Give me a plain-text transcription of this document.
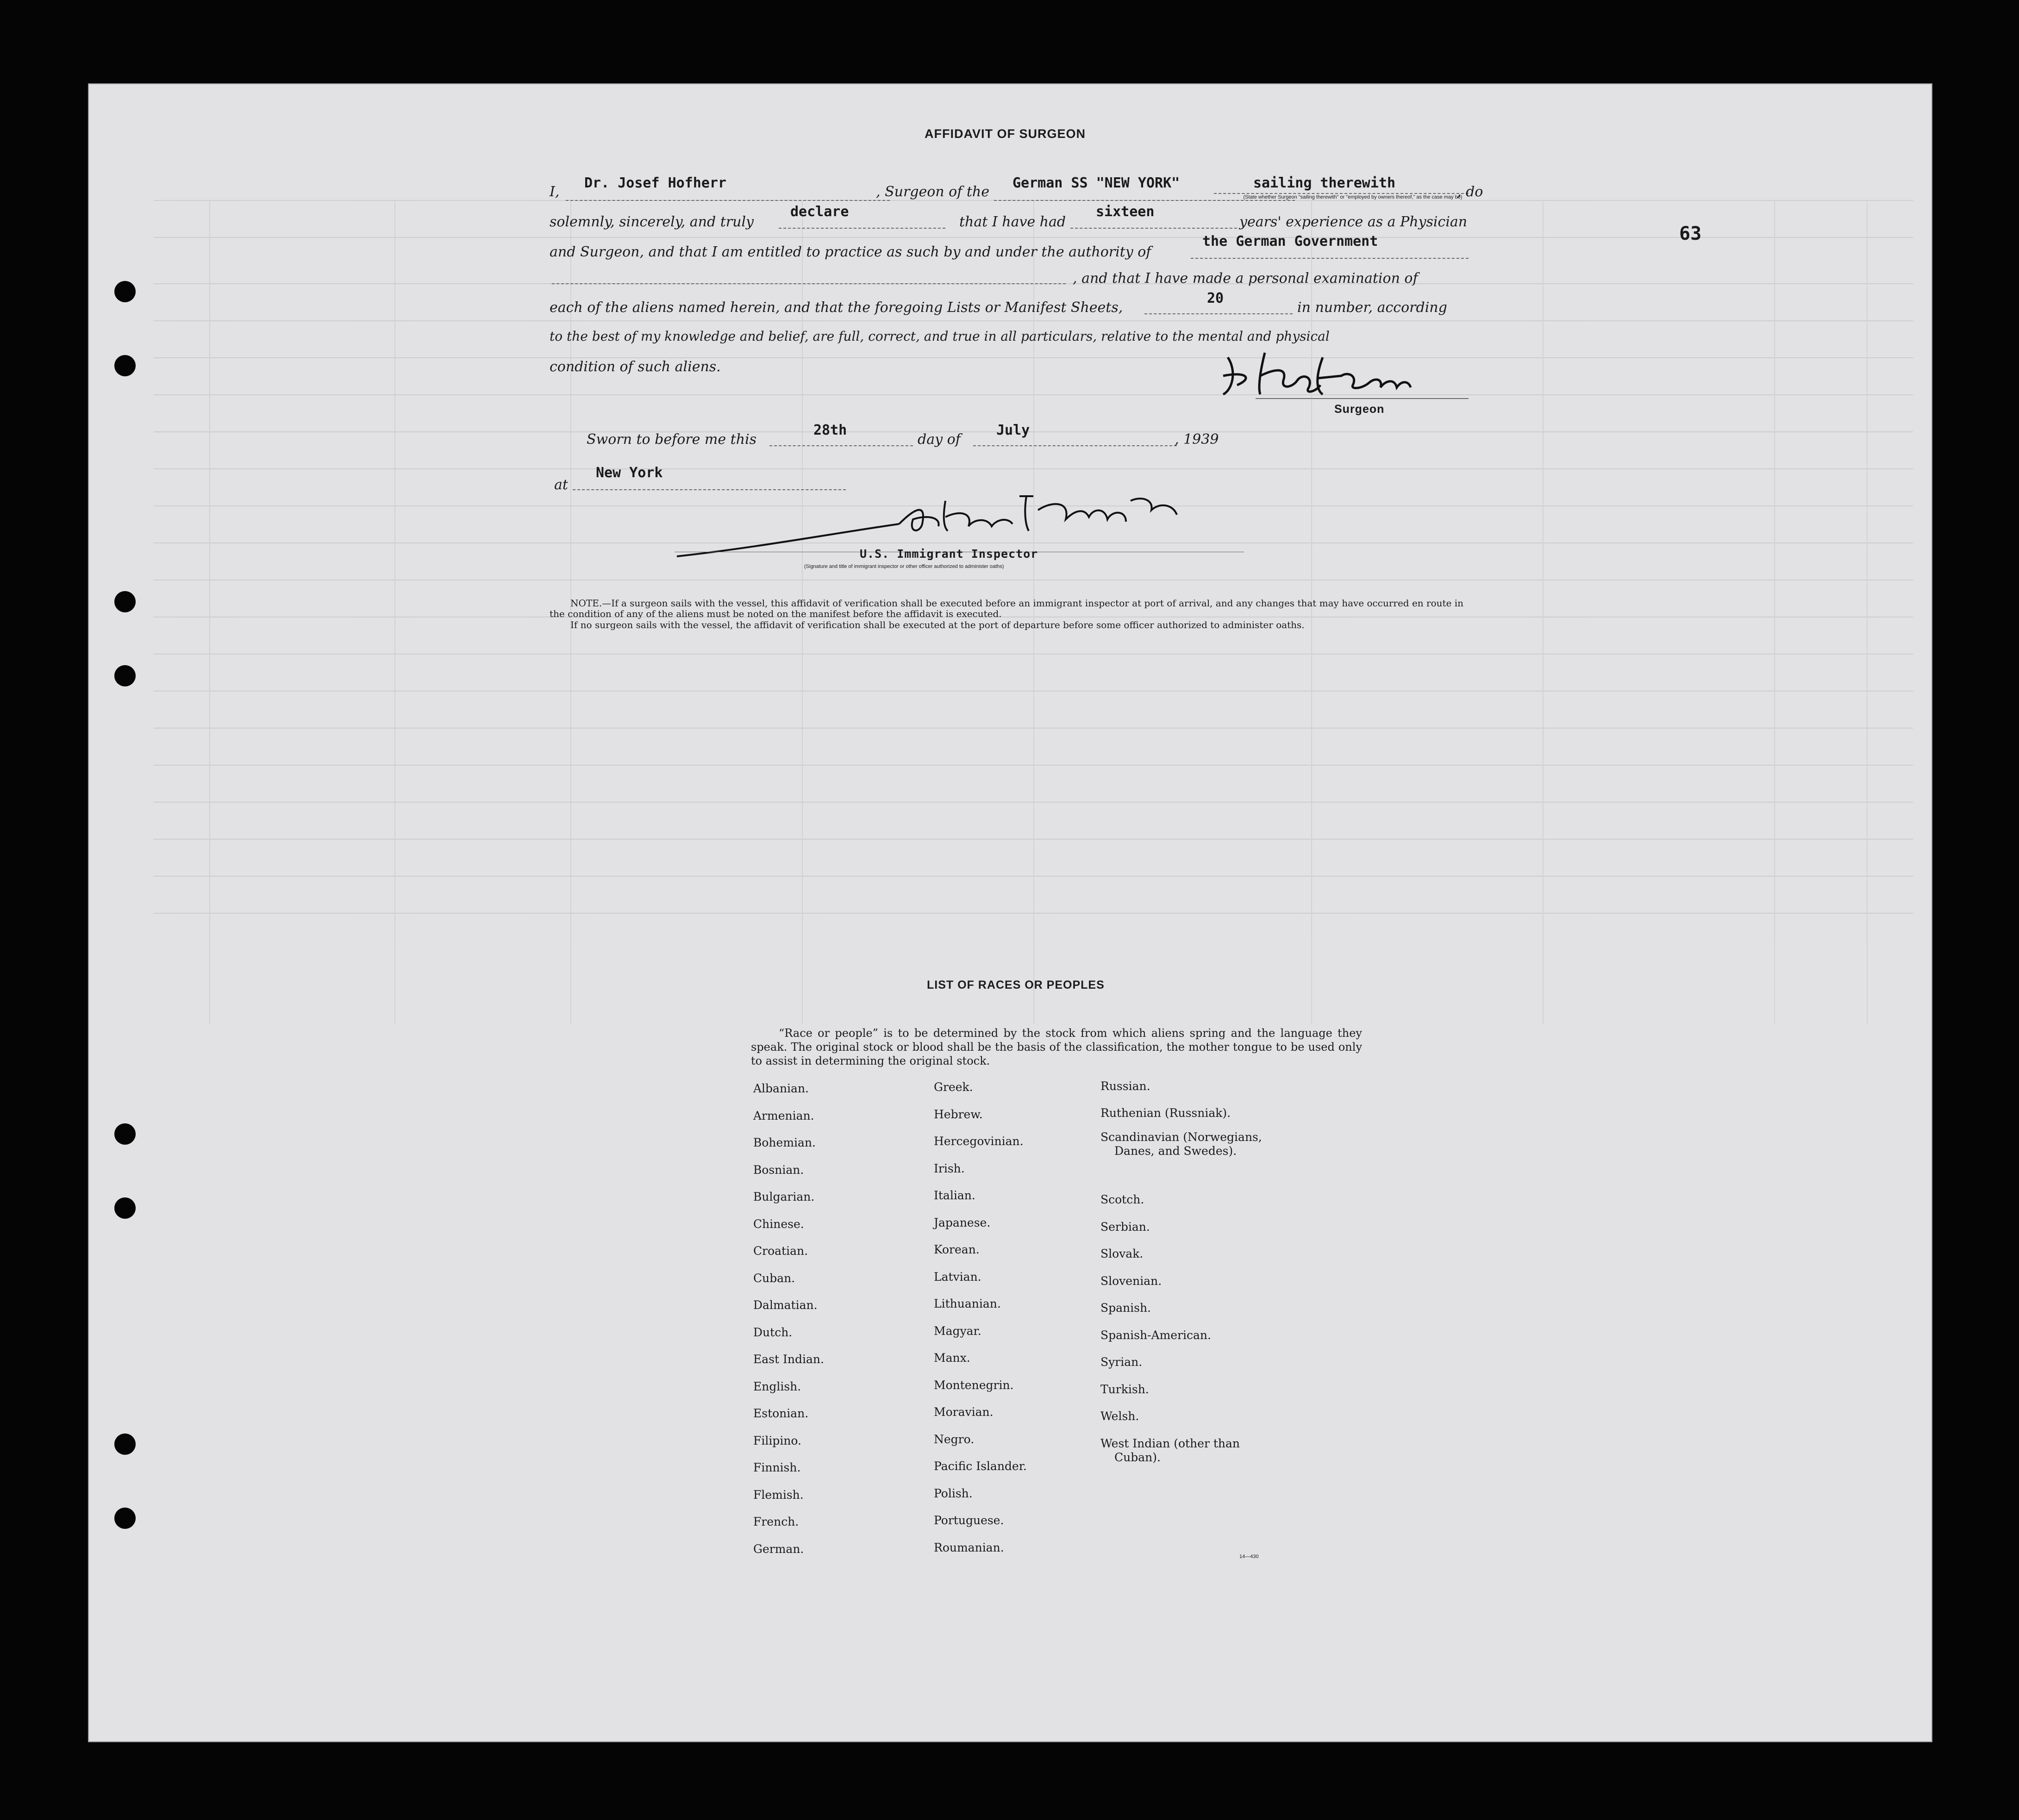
63
AFFIDAVIT OF SURGEON
I,
Dr. Josef Hofherr
, Surgeon of the
German SS "NEW YORK"	sailing therewith
, do
(State whether Surgeon "sailing therewith" or "employed by owners thereof," as the case may be)
solemnly, sincerely, and truly
declare
that I have had
sixteen
years' experience as a Physician
and Surgeon, and that I am entitled to practice as such by and under the authority of
the German Government
, and that I have made a personal examination of
each of the aliens named herein, and that the foregoing Lists or Manifest Sheets,
20
in number, according
to the best of my knowledge and belief, are full, correct, and true in all particulars, relative to the mental and physical
condition of such aliens.
Surgeon
Sworn to before me this
28th
day of
July
, 1939
at
New York
U.S. Immigrant Inspector
(Signature and title of immigrant inspector or other officer authorized to administer oaths)
NOTE.—If a surgeon sails with the vessel, this affidavit of verification shall be executed before an immigrant inspector at port of arrival, and any changes that may have occurred en route in the condition of any of the aliens must be noted on the manifest before the affidavit is executed.
If no surgeon sails with the vessel, the affidavit of verification shall be executed at the port of departure before some officer authorized to administer oaths.
LIST OF RACES OR PEOPLES
“Race or people” is to be determined by the stock from which aliens spring and the language they speak. The original stock or blood shall be the basis of the classification, the mother tongue to be used only to assist in determining the original stock.
Albanian.
Armenian.
Bohemian.
Bosnian.
Bulgarian.
Chinese.
Croatian.
Cuban.
Dalmatian.
Dutch.
East Indian.
English.
Estonian.
Filipino.
Finnish.
Flemish.
French.
German.
Greek.
Hebrew.
Hercegovinian.
Irish.
Italian.
Japanese.
Korean.
Latvian.
Lithuanian.
Magyar.
Manx.
Montenegrin.
Moravian.
Negro.
Pacific Islander.
Polish.
Portuguese.
Roumanian.
Russian.
Ruthenian (Russniak).
Scandinavian (Norwegians,
Danes, and Swedes).
Scotch.
Serbian.
Slovak.
Slovenian.
Spanish.
Spanish-American.
Syrian.
Turkish.
Welsh.
West Indian (other than
Cuban).
14—430
